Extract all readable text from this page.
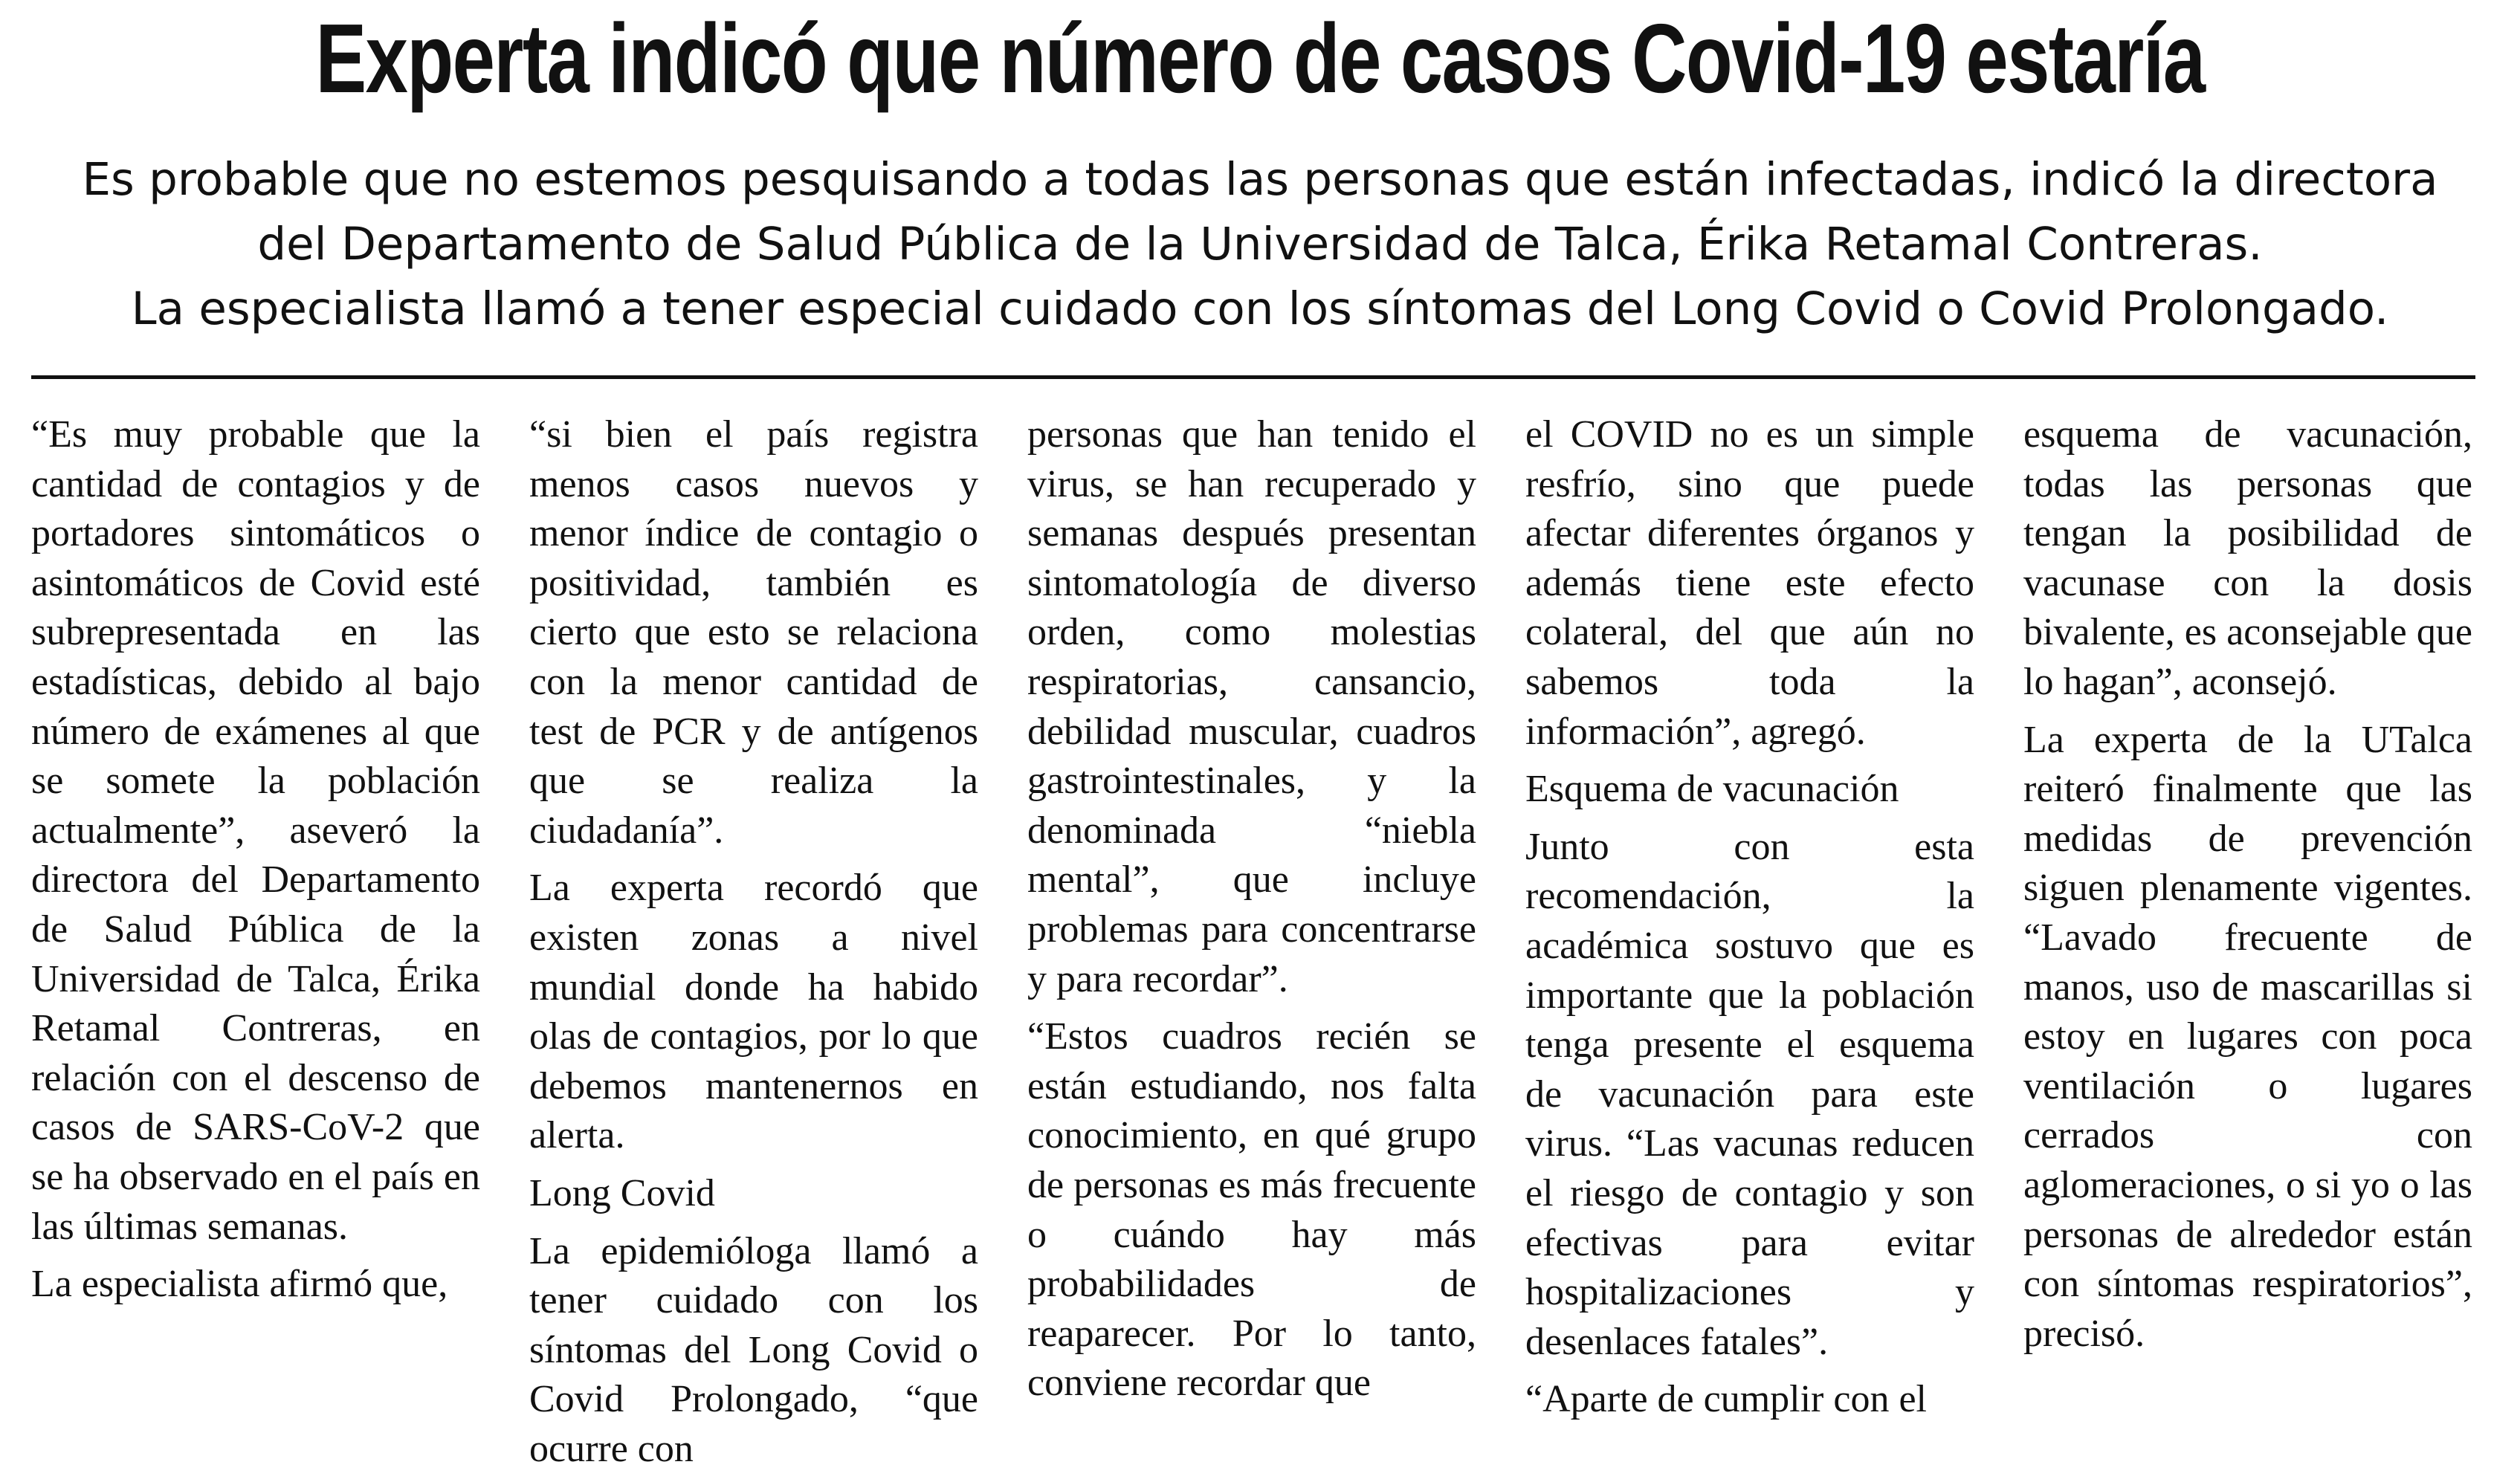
Experta indicó que número de casos Covid-19 estaría
Es probable que no estemos pesquisando a todas las personas que están infectadas, indicó la directora
del Departamento de Salud Pública de la Universidad de Talca, Érika Retamal Contreras.
La especialista llamó a tener especial cuidado con los síntomas del Long Covid o Covid Prolongado.

“Es muy probable que la cantidad de contagios y de portadores sintomáticos o asintomáticos de Covid esté subrepresentada en las estadísticas, debido al bajo número de exámenes al que se somete la población actualmente”, aseveró la directora del Departamento de Salud Pública de la Universidad de Talca, Érika Retamal Contreras, en relación con el descenso de casos de SARS-CoV-2 que se ha observado en el país en las últimas semanas.

La especialista afirmó que,

“si bien el país registra menos casos nuevos y menor índice de contagio o positividad, también es cierto que esto se relaciona con la menor cantidad de test de PCR y de antígenos que se realiza la ciudadanía”.

La experta recordó que existen zonas a nivel mundial donde ha habido olas de contagios, por lo que debemos mantenernos en alerta.

Long Covid

La epidemióloga llamó a tener cuidado con los síntomas del Long Covid o Covid Prolongado, “que ocurre con

personas que han tenido el virus, se han recuperado y semanas después presentan sintomatología de diverso orden, como molestias respiratorias, cansancio, debilidad muscular, cuadros gastrointestinales, y la denominada “niebla mental”, que incluye problemas para concentrarse y para recordar”.

“Estos cuadros recién se están estudiando, nos falta conocimiento, en qué grupo de personas es más frecuente o cuándo hay más probabilidades de reaparecer. Por lo tanto, conviene recordar que

el COVID no es un simple resfrío, sino que puede afectar diferentes órganos y además tiene este efecto colateral, del que aún no sabemos toda la información”, agregó.

Esquema de vacunación

Junto con esta recomendación, la académica sostuvo que es importante que la población tenga presente el esquema de vacunación para este virus. “Las vacunas reducen el riesgo de contagio y son efectivas para evitar hospitalizaciones y desenlaces fatales”.

“Aparte de cumplir con el

esquema de vacunación, todas las personas que tengan la posibilidad de vacunase con la dosis bivalente, es aconsejable que lo hagan”, aconsejó.

La experta de la UTalca reiteró finalmente que las medidas de prevención siguen plenamente vigentes. “Lavado frecuente de manos, uso de mascarillas si estoy en lugares con poca ventilación o lugares cerrados con aglomeraciones, o si yo o las personas de alrededor están con síntomas respiratorios”, precisó.
